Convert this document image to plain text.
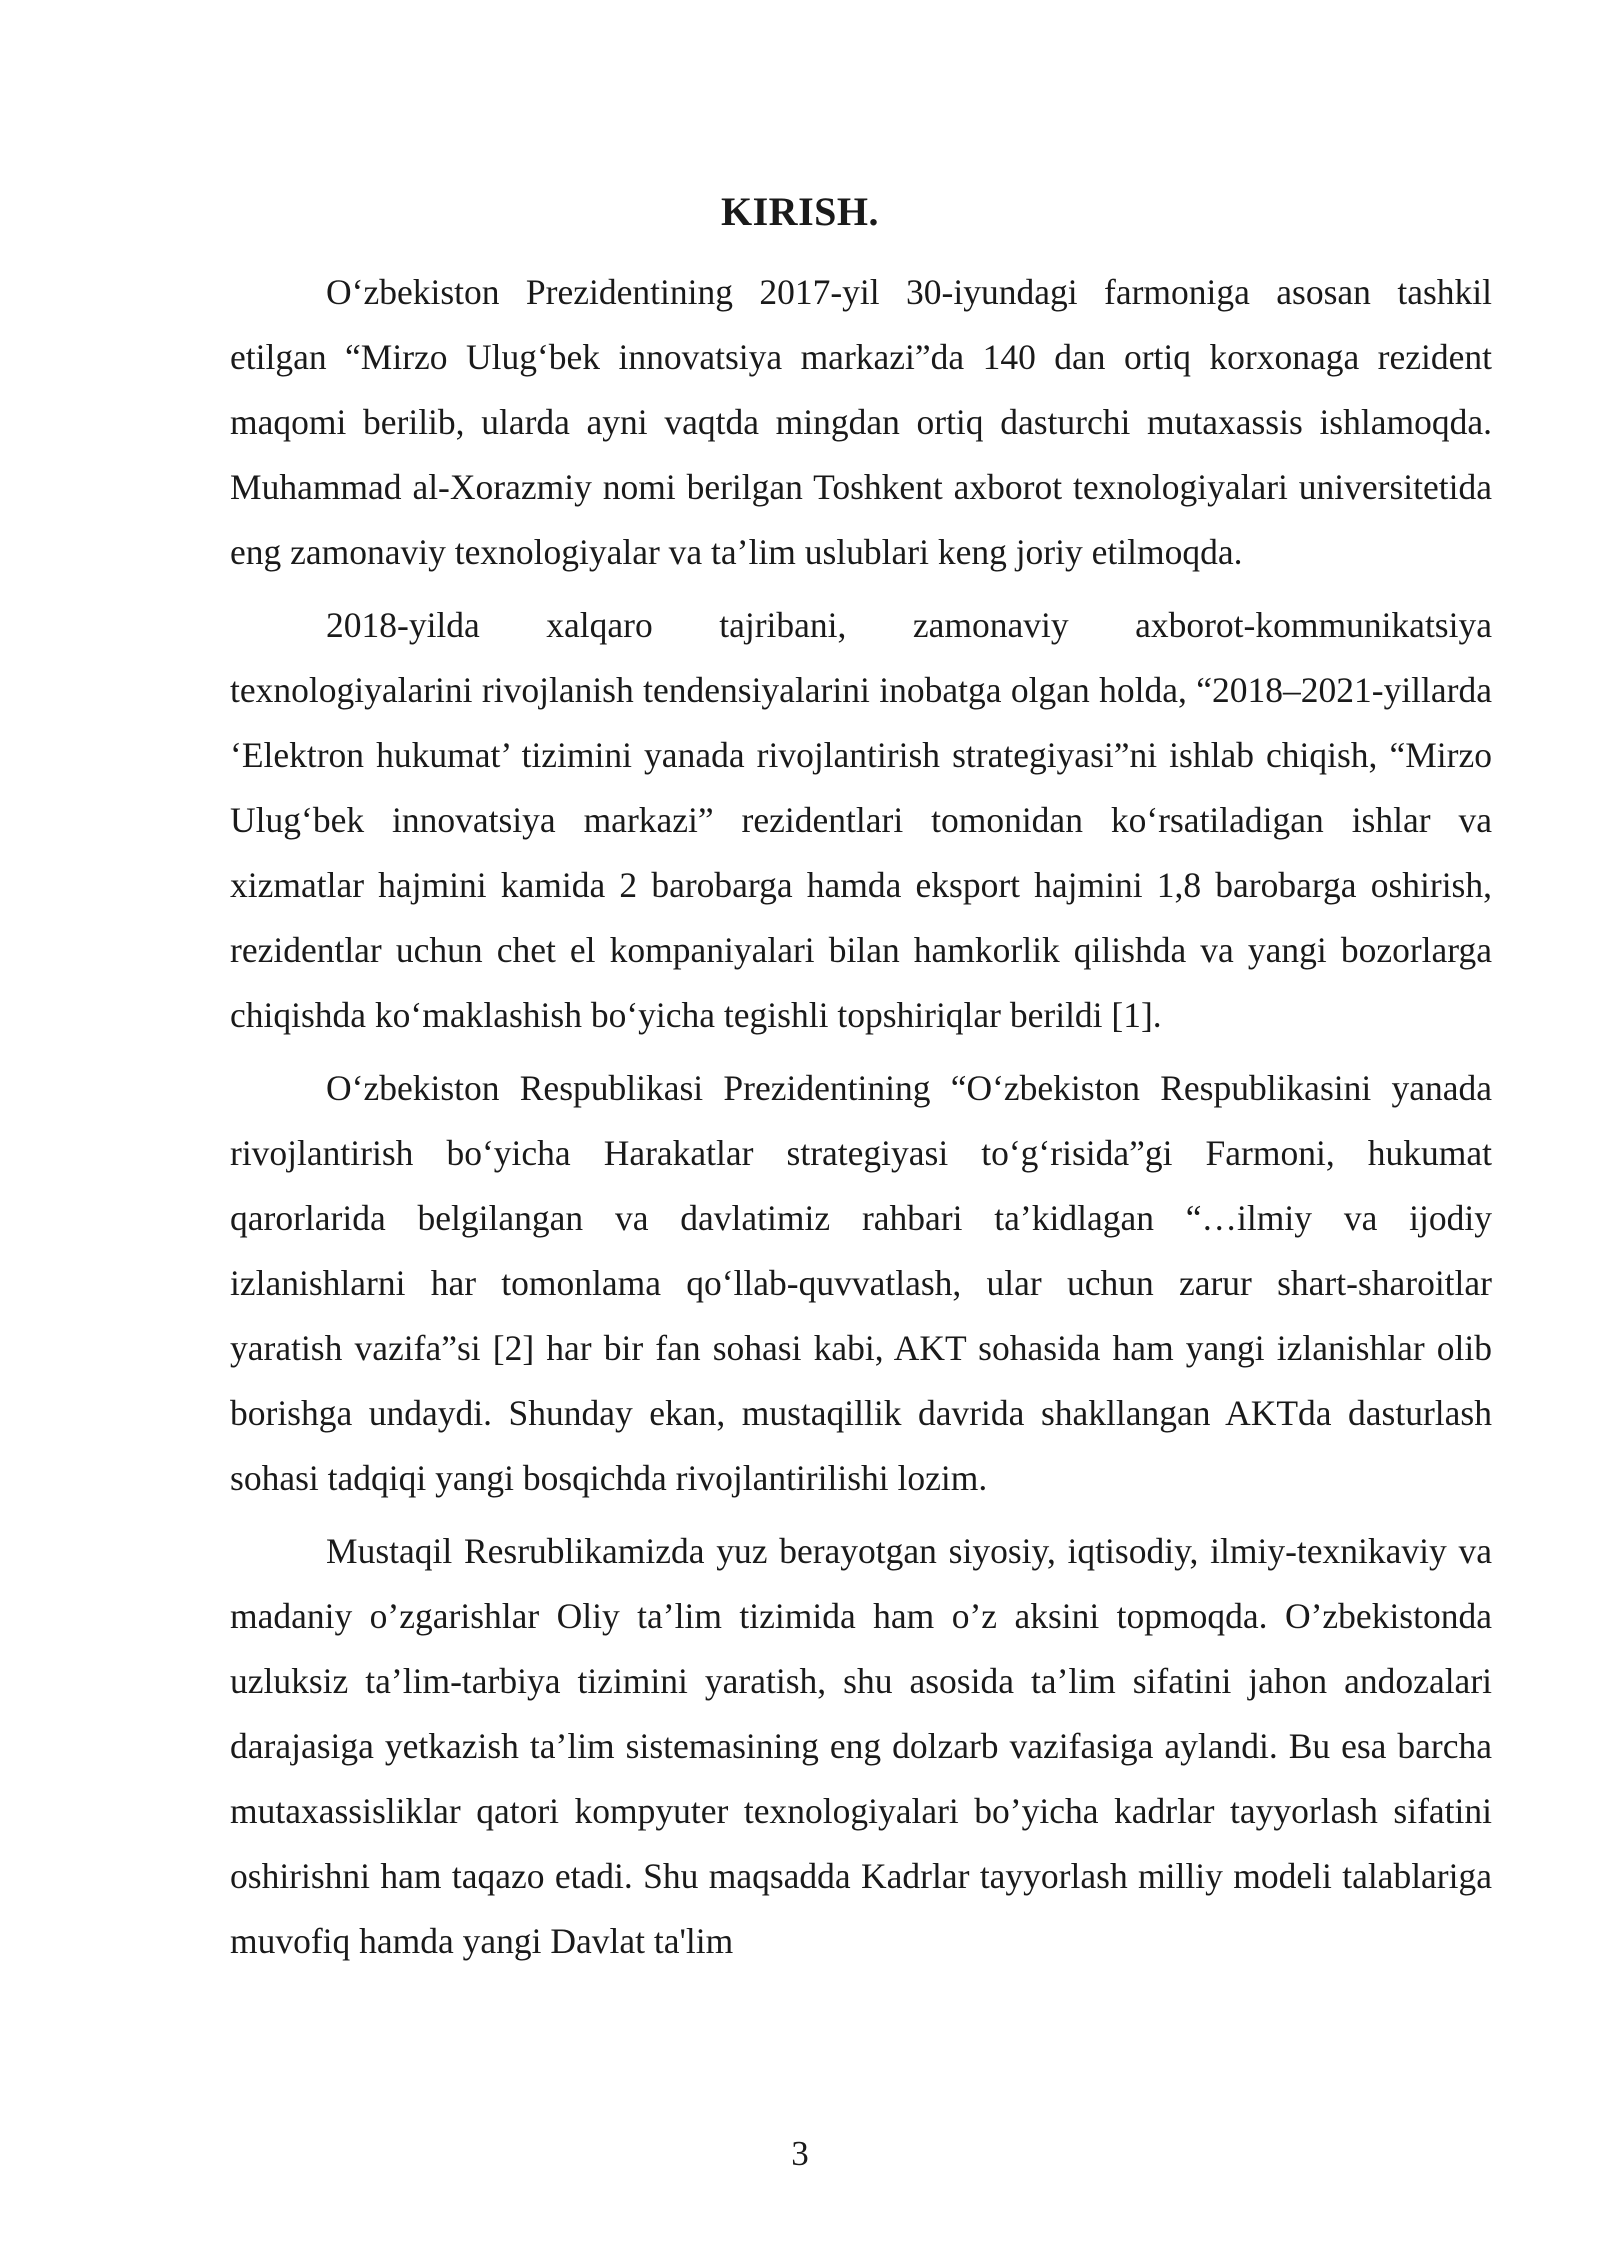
KIRISH.

O‘zbekiston Prezidentining 2017-yil 30-iyundagi farmoniga asosan tashkil etilgan “Mirzo Ulug‘bek innovatsiya markazi”da 140 dan ortiq korxonaga rezident maqomi berilib, ularda ayni vaqtda mingdan ortiq dasturchi mutaxassis ishlamoqda. Muhammad al-Xorazmiy nomi berilgan Toshkent axborot texnologiyalari universitetida eng zamonaviy texnologiyalar va ta’lim uslublari keng joriy etilmoqda.

2018-yilda xalqaro tajribani, zamonaviy axborot-kommunikatsiya texnologiyalarini rivojlanish tendensiyalarini inobatga olgan holda, “2018–2021-yillarda ‘Elektron hukumat’ tizimini yanada rivojlantirish strategiyasi”ni ishlab chiqish, “Mirzo Ulug‘bek innovatsiya markazi” rezidentlari tomonidan ko‘rsatiladigan ishlar va xizmatlar hajmini kamida 2 barobarga hamda eksport hajmini 1,8 barobarga oshirish, rezidentlar uchun chet el kompaniyalari bilan hamkorlik qilishda va yangi bozorlarga chiqishda ko‘maklashish bo‘yicha tegishli topshiriqlar berildi [1].

O‘zbekiston Respublikasi Prezidentining “O‘zbekiston Respublikasini yanada rivojlantirish bo‘yicha Harakatlar strategiyasi to‘g‘risida”gi Farmoni, hukumat qarorlarida belgilangan va davlatimiz rahbari ta’kidlagan “…ilmiy va ijodiy izlanishlarni har tomonlama qo‘llab-quvvatlash, ular uchun zarur shart-sharoitlar yaratish vazifa”si [2] har bir fan sohasi kabi, AKT sohasida ham yangi izlanishlar olib borishga undaydi. Shunday ekan, mustaqillik davrida shakllangan AKTda dasturlash sohasi tadqiqi yangi bosqichda rivojlantirilishi lozim.

Mustaqil Resrublikamizda yuz berayotgan siyosiy, iqtisodiy, ilmiy-texnikaviy va madaniy o’zgarishlar Oliy ta’lim tizimida ham o’z aksini topmoqda. O’zbekistonda uzluksiz ta’lim-tarbiya tizimini yaratish, shu asosida ta’lim sifatini jahon andozalari darajasiga yetkazish ta’lim sistemasining eng dolzarb vazifasiga aylandi. Bu esa barcha mutaxassisliklar qatori kompyuter texnologiyalari bo’yicha kadrlar tayyorlash sifatini oshirishni ham taqazo etadi. Shu maqsadda Kadrlar tayyorlash milliy modeli talablariga muvofiq hamda yangi Davlat ta'lim

3
